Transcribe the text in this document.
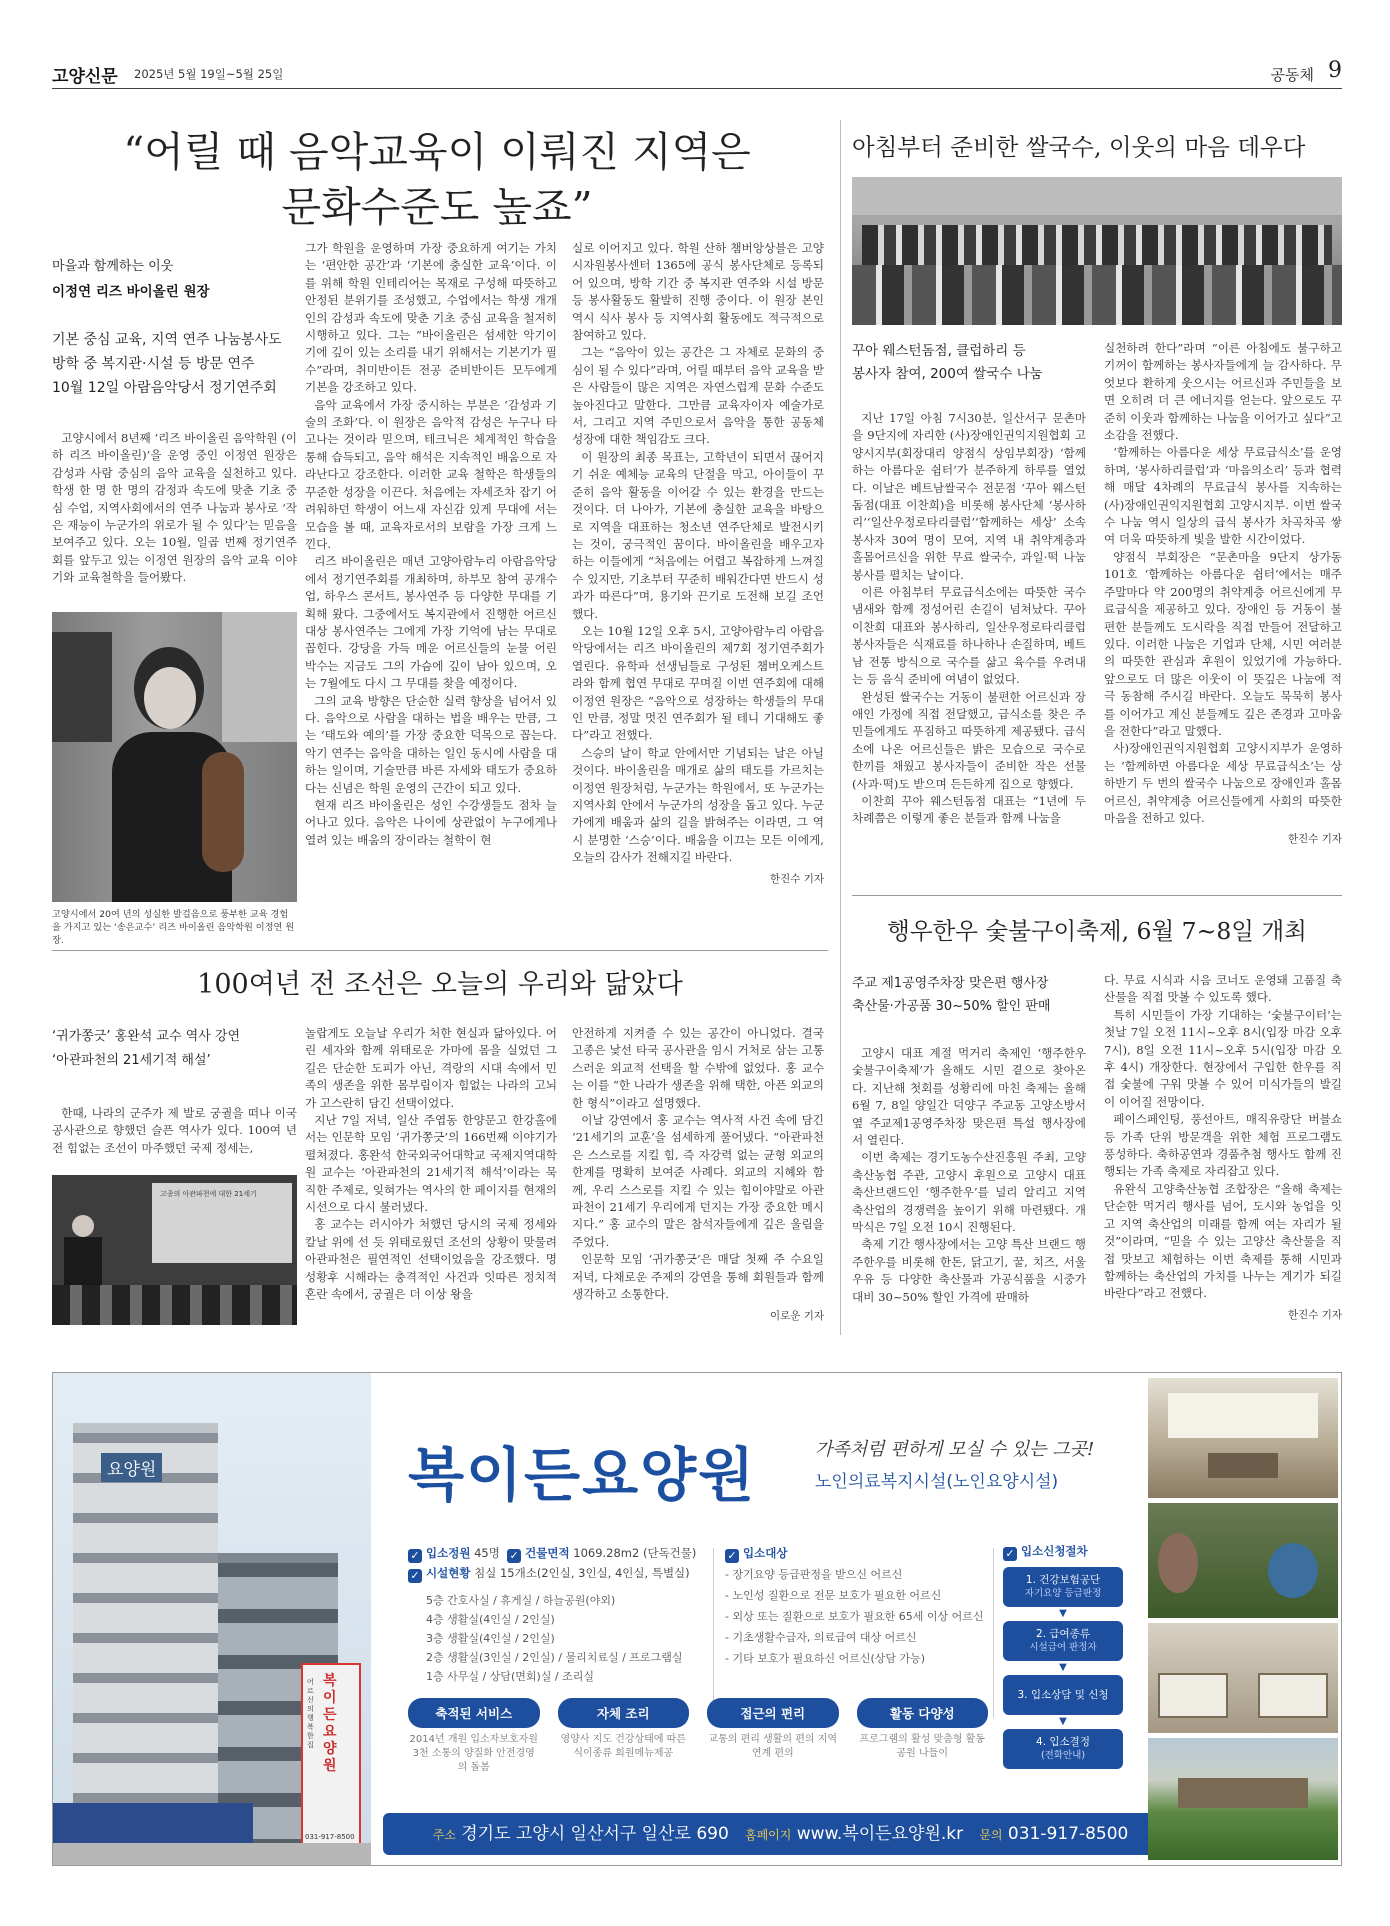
고양신문 2025년 5월 19일~5월 25일	공동체 9
“어릴 때 음악교육이 이뤄진 지역은
문화수준도 높죠”
마을과 함께하는 이웃
이정연 리즈 바이올린 원장
기본 중심 교육, 지역 연주 나눔봉사도
방학 중 복지관·시설 등 방문 연주
10월 12일 아람음악당서 정기연주회

고양시에서 8년째 ‘리즈 바이올린 음악학원 (이하 리즈 바이올린)’을 운영 중인 이정연 원장은 감성과 사람 중심의 음악 교육을 실천하고 있다. 학생 한 명 한 명의 감정과 속도에 맞춘 기초 중심 수업, 지역사회에서의 연주 나눔과 봉사로 ‘작은 재능이 누군가의 위로가 될 수 있다’는 믿음을 보여주고 있다. 오는 10월, 일곱 번째 정기연주회를 앞두고 있는 이정연 원장의 음악 교육 이야기와 교육철학을 들어봤다.

고양시에서 20여 년의 성실한 발걸음으로 풍부한 교육 경험을 가지고 있는 ‘송은교수’ 리즈 바이올린 음악학원 이정연 원장.

그가 학원을 운영하며 가장 중요하게 여기는 가치는 ‘편안한 공간’과 ‘기본에 충실한 교육’이다. 이를 위해 학원 인테리어는 목재로 구성해 따뜻하고 안정된 분위기를 조성했고, 수업에서는 학생 개개인의 감성과 속도에 맞춘 기초 중심 교육을 철저히 시행하고 있다. 그는 “바이올린은 섬세한 악기이기에 깊이 있는 소리를 내기 위해서는 기본기가 필수”라며, 취미반이든 전공 준비반이든 모두에게 기본을 강조하고 있다.

음악 교육에서 가장 중시하는 부분은 ‘감성과 기술의 조화’다. 이 원장은 음악적 감성은 누구나 타고나는 것이라 믿으며, 테크닉은 체계적인 학습을 통해 습득되고, 음악 해석은 지속적인 배움으로 자라난다고 강조한다. 이러한 교육 철학은 학생들의 꾸준한 성장을 이끈다. 처음에는 자세조차 잡기 어려워하던 학생이 어느새 자신감 있게 무대에 서는 모습을 볼 때, 교육자로서의 보람을 가장 크게 느낀다.

리즈 바이올린은 매년 고양아람누리 아람음악당에서 정기연주회를 개최하며, 하부모 참여 공개수업, 하우스 콘서트, 봉사연주 등 다양한 무대를 기획해 왔다. 그중에서도 복지관에서 진행한 어르신 대상 봉사연주는 그에게 가장 기억에 남는 무대로 꼽힌다. 강당을 가득 메운 어르신들의 눈물 어린 박수는 지금도 그의 가슴에 깊이 남아 있으며, 오는 7월에도 다시 그 무대를 찾을 예정이다.

그의 교육 방향은 단순한 실력 향상을 넘어서 있다. 음악으로 사람을 대하는 법을 배우는 만큼, 그는 ‘태도와 예의’를 가장 중요한 덕목으로 꼽는다. 악기 연주는 음악을 대하는 일인 동시에 사람을 대하는 일이며, 기술만큼 바른 자세와 태도가 중요하다는 신념은 학원 운영의 근간이 되고 있다.

현재 리즈 바이올린은 성인 수강생들도 점차 늘어나고 있다. 음악은 나이에 상관없이 누구에게나 열려 있는 배움의 장이라는 철학이 현

실로 이어지고 있다. 학원 산하 챔버앙상블은 고양시자원봉사센터 1365에 공식 봉사단체로 등록되어 있으며, 방학 기간 중 복지관 연주와 시설 방문 등 봉사활동도 활발히 진행 중이다. 이 원장 본인 역시 식사 봉사 등 지역사회 활동에도 적극적으로 참여하고 있다.

그는 “음악이 있는 공간은 그 자체로 문화의 중심이 될 수 있다”라며, 어릴 때부터 음악 교육을 받은 사람들이 많은 지역은 자연스럽게 문화 수준도 높아진다고 말한다. 그만큼 교육자이자 예술가로서, 그리고 지역 주민으로서 음악을 통한 공동체 성장에 대한 책임감도 크다.

이 원장의 최종 목표는, 고학년이 되면서 끊어지기 쉬운 예체능 교육의 단절을 막고, 아이들이 꾸준히 음악 활동을 이어갈 수 있는 환경을 만드는 것이다. 더 나아가, 기본에 충실한 교육을 바탕으로 지역을 대표하는 청소년 연주단체로 발전시키는 것이, 궁극적인 꿈이다. 바이올린을 배우고자 하는 이들에게 “처음에는 어렵고 복잡하게 느껴질 수 있지만, 기초부터 꾸준히 배워간다면 반드시 성과가 따른다”며, 용기와 끈기로 도전해 보길 조언했다.

오는 10월 12일 오후 5시, 고양아람누리 아람음악당에서는 리즈 바이올린의 제7회 정기연주회가 열린다. 유학파 선생님들로 구성된 챔버오케스트라와 함께 협연 무대로 꾸며질 이번 연주회에 대해 이정연 원장은 “음악으로 성장하는 학생들의 무대인 만큼, 정말 멋진 연주회가 될 테니 기대해도 좋다”라고 전했다.

스승의 날이 학교 안에서만 기념되는 날은 아닐 것이다. 바이올린을 매개로 삶의 태도를 가르치는 이정연 원장처럼, 누군가는 학원에서, 또 누군가는 지역사회 안에서 누군가의 성장을 돕고 있다. 누군가에게 배움과 삶의 길을 밝혀주는 이라면, 그 역시 분명한 ‘스승’이다. 배움을 이끄는 모든 이에게, 오늘의 감사가 전해지길 바란다.

한진수 기자
아침부터 준비한 쌀국수, 이웃의 마음 데우다
꾸아 웨스턴돔점, 클럽하리 등
봉사자 참여, 200여 쌀국수 나눔

지난 17일 아침 7시30분, 일산서구 문촌마을 9단지에 자리한 (사)장애인권익지원협회 고양시지부(회장대리 양점식 상임부회장) ‘함께하는 아름다운 쉼터’가 분주하게 하루를 열었다. 이날은 베트남쌀국수 전문점 ‘꾸아 웨스턴돔점(대표 이찬희)을 비롯해 봉사단체 ‘봉사하리’‘일산우정로타리클럽’‘함께하는 세상’ 소속 봉사자 30여 명이 모여, 지역 내 취약계층과 홀몸어르신을 위한 무료 쌀국수, 과일·떡 나눔 봉사를 펼치는 날이다.

이른 아침부터 무료급식소에는 따뜻한 국수 냄새와 함께 정성어린 손길이 넘쳐났다. 꾸아 이찬희 대표와 봉사하리, 일산우정로타리클럽 봉사자들은 식재료를 하나하나 손질하며, 베트남 전통 방식으로 국수를 삶고 육수를 우려내는 등 음식 준비에 여념이 없었다.

완성된 쌀국수는 거동이 불편한 어르신과 장애인 가정에 직접 전달했고, 급식소를 찾은 주민들에게도 푸짐하고 따뜻하게 제공됐다. 급식소에 나온 어르신들은 밝은 모습으로 국수로 한끼를 채웠고 봉사자들이 준비한 작은 선물(사과·떡)도 받으며 든든하게 집으로 향했다.

이찬희 꾸아 웨스턴돔점 대표는 “1년에 두 차례쯤은 이렇게 좋은 분들과 함께 나눔을

실천하려 한다”라며 “이른 아침에도 불구하고 기꺼이 함께하는 봉사자들에게 늘 감사하다. 무엇보다 환하게 웃으시는 어르신과 주민들을 보면 오히려 더 큰 에너지를 얻는다. 앞으로도 꾸준히 이웃과 함께하는 나눔을 이어가고 싶다”고 소감을 전했다.

‘함께하는 아름다운 세상 무료급식소’를 운영하며, ‘봉사하리클럽’과 ‘마음의소리’ 등과 협력해 매달 4차례의 무료급식 봉사를 지속하는 (사)장애인권익지원협회 고양시지부. 이번 쌀국수 나눔 역시 일상의 급식 봉사가 차곡차곡 쌓여 더욱 따뜻하게 빛을 발한 시간이었다.

양점식 부회장은 “문촌마을 9단지 상가동 101호 ‘함께하는 아름다운 쉼터’에서는 매주 주말마다 약 200명의 취약계층 어르신에게 무료급식을 제공하고 있다. 장애인 등 거동이 불편한 분들께도 도시락을 직접 만들어 전달하고 있다. 이러한 나눔은 기업과 단체, 시민 여러분의 따뜻한 관심과 후원이 있었기에 가능하다. 앞으로도 더 많은 이웃이 이 뜻깊은 나눔에 적극 동참해 주시길 바란다. 오늘도 묵묵히 봉사를 이어가고 계신 분들께도 깊은 존경과 고마움을 전한다”라고 말했다.

사)장애인권익지원협회 고양시지부가 운영하는 ‘함께하면 아름다운 세상 무료급식소’는 상하반기 두 번의 쌀국수 나눔으로 장애인과 홀몸어르신, 취약계층 어르신들에게 사회의 따뜻한 마음을 전하고 있다.

한진수 기자
행우한우 숯불구이축제, 6월 7~8일 개최
주교 제1공영주차장 맞은편 행사장
축산물·가공품 30~50% 할인 판매

고양시 대표 계절 먹거리 축제인 ‘행주한우 숯불구이축제’가 올해도 시민 곁으로 찾아온다. 지난해 첫회를 성황리에 마친 축제는 올해 6월 7, 8일 양일간 덕양구 주교동 고양소방서 옆 주교제1공영주차장 맞은편 특설 행사장에서 열린다.

이번 축제는 경기도농수산진흥원 주최, 고양축산농협 주관, 고양시 후원으로 고양시 대표 축산브랜드인 ‘행주한우’를 널리 알리고 지역 축산업의 경쟁력을 높이기 위해 마련됐다. 개막식은 7일 오전 10시 진행된다.

축제 기간 행사장에서는 고양 특산 브랜드 행주한우를 비롯해 한돈, 닭고기, 꿀, 치즈, 서울우유 등 다양한 축산물과 가공식품을 시중가 대비 30~50% 할인 가격에 판매하

다. 무료 시식과 시음 코너도 운영돼 고품질 축산물을 직접 맛볼 수 있도록 했다.

특히 시민들이 가장 기대하는 ‘숯불구이터’는 첫날 7일 오전 11시~오후 8시(입장 마감 오후 7시), 8일 오전 11시~오후 5시(입장 마감 오후 4시) 개장한다. 현장에서 구입한 한우를 직접 숯불에 구워 맛볼 수 있어 미식가들의 발길이 이어질 전망이다.

페이스페인팅, 풍선아트, 매직유랑단 버블쇼 등 가족 단위 방문객을 위한 체험 프로그램도 풍성하다. 축하공연과 경품추첨 행사도 함께 진행되는 가족 축제로 자리잡고 있다.

유완식 고양축산농협 조합장은 “올해 축제는 단순한 먹거리 행사를 넘어, 도시와 농업을 잇고 지역 축산업의 미래를 함께 여는 자리가 될 것”이라며, “믿을 수 있는 고양산 축산물을 직접 맛보고 체험하는 이번 축제를 통해 시민과 함께하는 축산업의 가치를 나누는 계기가 되길 바란다”라고 전했다.

한진수 기자
100여년 전 조선은 오늘의 우리와 닮았다
‘귀가쫑긋’ 홍완석 교수 역사 강연
‘아관파천의 21세기적 해설’

한때, 나라의 군주가 제 발로 궁궐을 떠나 이국 공사관으로 향했던 슬픈 역사가 있다. 100여 년 전 힘없는 조선이 마주했던 국제 정세는,

고종의 아관파천에 대한 21세기

놀랍게도 오늘날 우리가 처한 현실과 닮아있다. 어린 세자와 함께 위태로운 가마에 몸을 실었던 그 길은 단순한 도피가 아닌, 격랑의 시대 속에서 민족의 생존을 위한 몸부림이자 힘없는 나라의 고뇌가 고스란히 담긴 선택이었다.

지난 7일 저녁, 일산 주엽동 한양문고 한강홀에서는 인문학 모임 ‘귀가쫑긋’의 166번째 이야기가 펼쳐졌다. 홍완석 한국외국어대학교 국제지역대학원 교수는 ‘아관파천의 21세기적 해석’이라는 묵직한 주제로, 잊혀가는 역사의 한 페이지를 현재의 시선으로 다시 불러냈다.

홍 교수는 러시아가 처했던 당시의 국제 정세와 칼날 위에 선 듯 위태로웠던 조선의 상황이 맞물려 아관파천은 필연적인 선택이었음을 강조했다. 명성황후 시해라는 충격적인 사건과 잇따른 정치적 혼란 속에서, 궁궐은 더 이상 왕을

안전하게 지켜줄 수 있는 공간이 아니었다. 결국 고종은 낯선 타국 공사관을 임시 거처로 삼는 고통스러운 외교적 선택을 할 수밖에 없었다. 홍 교수는 이를 “한 나라가 생존을 위해 택한, 아픈 외교의 한 형식”이라고 설명했다.

이날 강연에서 홍 교수는 역사적 사건 속에 담긴 ‘21세기의 교훈’을 섬세하게 풀어냈다. “아관파천은 스스로를 지킬 힘, 즉 자강력 없는 균형 외교의 한계를 명확히 보여준 사례다. 외교의 지혜와 함께, 우리 스스로를 지킬 수 있는 힘이야말로 아관파천이 21세기 우리에게 던지는 가장 중요한 메시지다.” 홍 교수의 말은 참석자들에게 깊은 울림을 주었다.

인문학 모임 ‘귀가쫑긋’은 매달 첫째 주 수요일 저녁, 다채로운 주제의 강연을 통해 회원들과 함께 생각하고 소통한다.

이로운 기자
요양원
복이든요양원
어르신의 행복한 집
031-917-8500
복이든요양원	가족처럼 편하게 모실 수 있는 그곳!
노인의료복지시설(노인요양시설)
✓ 입소정원 45명 ✓ 건물면적 1069.28m2 (단독건물)
✓ 시설현황 침실 15개소(2인실, 3인실, 4인실, 특별실)
5층 간호사실 / 휴게실 / 하늘공원(야외)
4층 생활실(4인실 / 2인실)
3층 생활실(4인실 / 2인실)
2층 생활실(3인실 / 2인실) / 물리치료실 / 프로그램실
1층 사무실 / 상담(면회)실 / 조리실
✓ 입소대상
- 장기요양 등급판정을 받으신 어르신
- 노인성 질환으로 전문 보호가 필요한 어르신
- 외상 또는 질환으로 보호가 필요한 65세 이상 어르신
- 기초생활수급자, 의료급여 대상 어르신
- 기타 보호가 필요하신 어르신(상담 가능)
✓ 입소신청절차
1. 건강보험공단
자기요양 등급판정
▼
2. 급여종류
시설급여 판정자
▼
3. 입소상담 및 신청
▼
4. 입소결정
(전화안내)
축적된 서비스
2014년 개원 입소자보호자원 3천 소통의 양질화 안전경영의 돌봄
자체 조리
영양사 지도 건강상태에 따른 식이종류 회원메뉴제공
접근의 편리
교통의 편리 생활의 편의 지역연계 편의
활동 다양성
프로그램의 활성 맞춤형 활동 공원 나들이
주소 경기도 고양시 일산서구 일산로 690 홈페이지 www.복이든요양원.kr 문의 031-917-8500
